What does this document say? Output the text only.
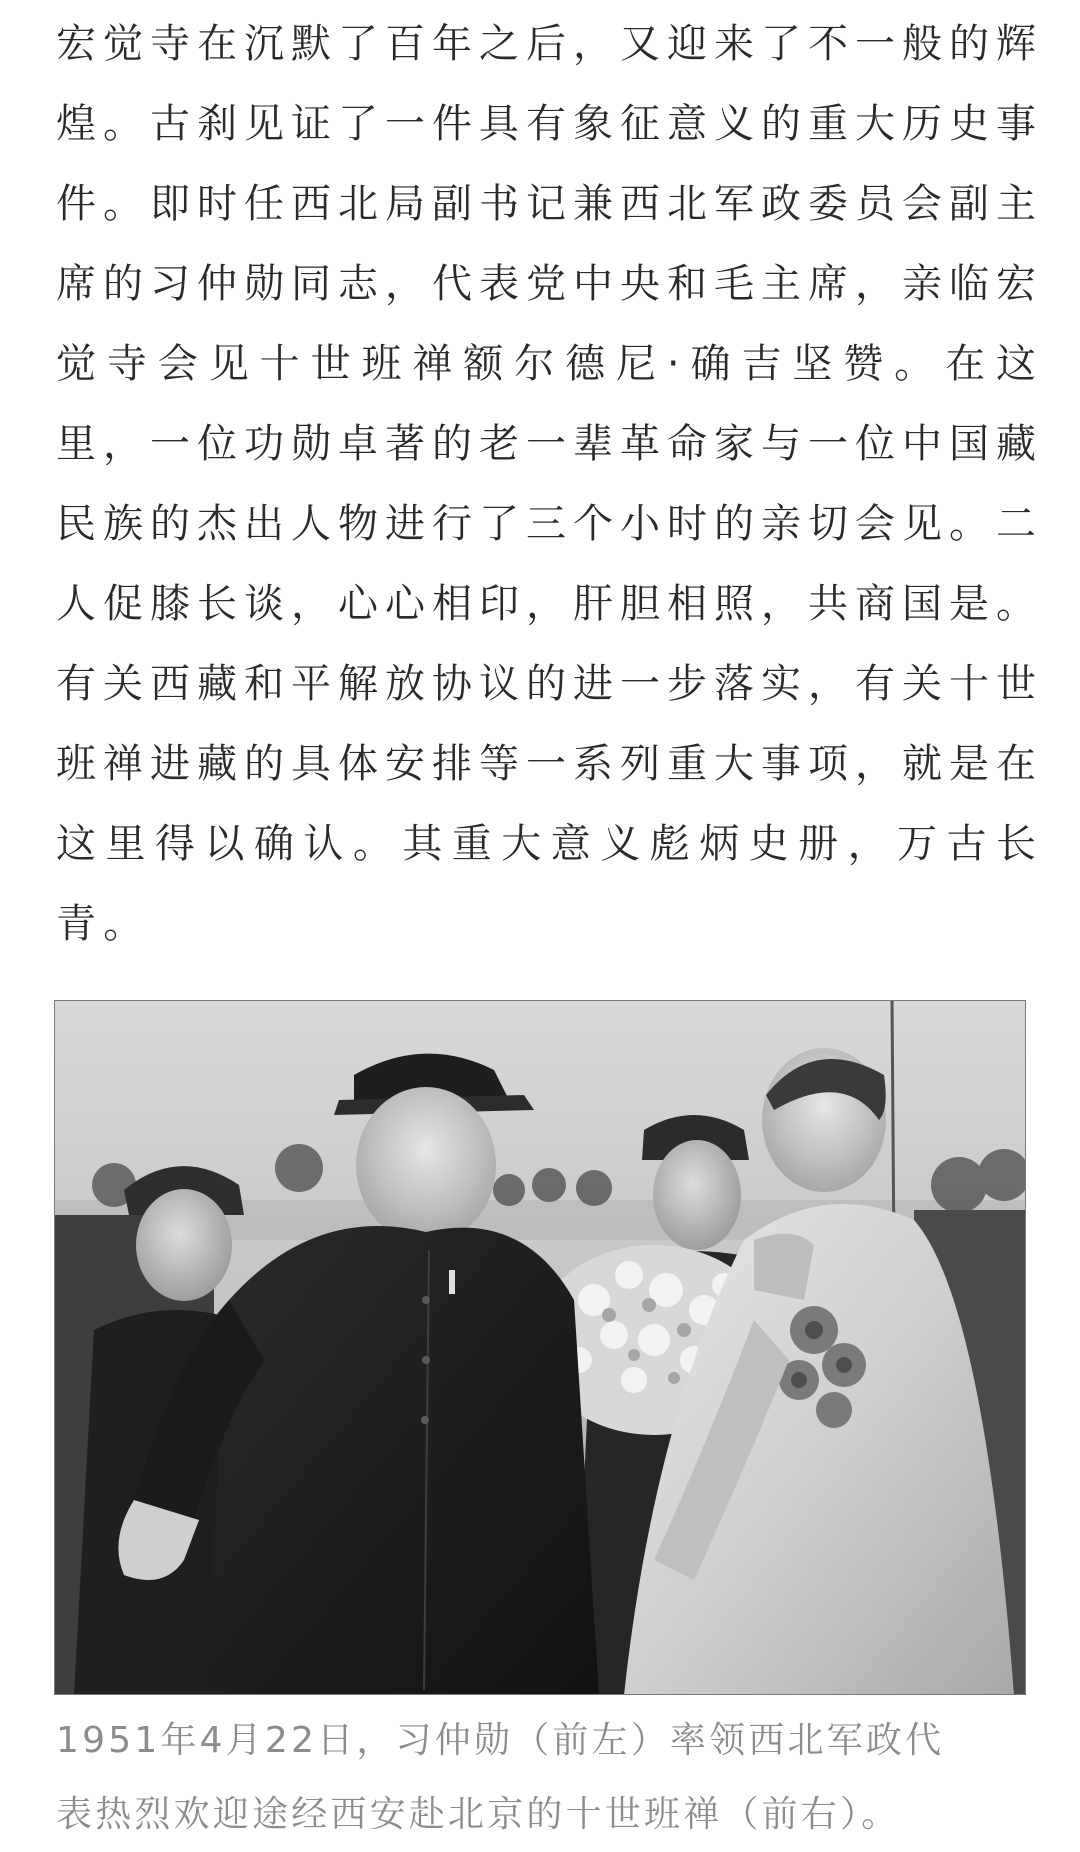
宏觉寺在沉默了百年之后，又迎来了不一般的辉
煌。古刹见证了一件具有象征意义的重大历史事
件。即时任西北局副书记兼西北军政委员会副主
席的习仲勋同志，代表党中央和毛主席，亲临宏
觉寺会见十世班禅额尔德尼·确吉坚赞。在这
里，一位功勋卓著的老一辈革命家与一位中国藏
民族的杰出人物进行了三个小时的亲切会见。二
人促膝长谈，心心相印，肝胆相照，共商国是。
有关西藏和平解放协议的进一步落实，有关十世
班禅进藏的具体安排等一系列重大事项，就是在
这里得以确认。其重大意义彪炳史册，万古长
青。
1951年4月22日，习仲勋（前左）率领西北军政代
表热烈欢迎途经西安赴北京的十世班禅（前右）。
